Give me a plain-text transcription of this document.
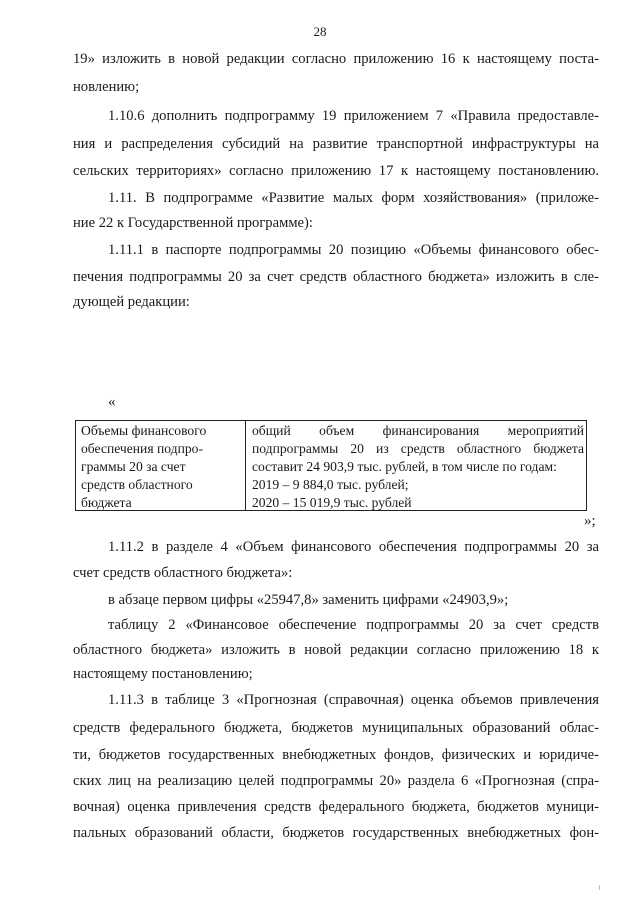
28
19» изложить в новой редакции согласно приложению 16 к настоящему поста-
новлению;
1.10.6 дополнить подпрограмму 19 приложением 7 «Правила предоставле-
ния и распределения субсидий на развитие транспортной инфраструктуры на
сельских территориях» согласно приложению 17 к настоящему постановлению.
1.11. В подпрограмме «Развитие малых форм хозяйствования» (приложе-
ние 22 к Государственной программе):
1.11.1 в паспорте подпрограммы 20 позицию «Объемы финансового обес-
печения подпрограммы 20 за счет средств областного бюджета» изложить в сле-
дующей редакции:
«
Объемы финансового
обеспечения подпро-
граммы 20 за счет
средств областного
бюджета
общий объем финансирования мероприятий
подпрограммы 20 из средств областного бюджета
составит 24 903,9 тыс. рублей, в том числе по годам:
2019 – 9 884,0 тыс. рублей;
2020 – 15 019,9 тыс. рублей
»;
1.11.2 в разделе 4 «Объем финансового обеспечения подпрограммы 20 за
счет средств областного бюджета»:
в абзаце первом цифры «25947,8» заменить цифрами «24903,9»;
таблицу 2 «Финансовое обеспечение подпрограммы 20 за счет средств
областного бюджета» изложить в новой редакции согласно приложению 18 к
настоящему постановлению;
1.11.3 в таблице 3 «Прогнозная (справочная) оценка объемов привлечения
средств федерального бюджета, бюджетов муниципальных образований облас-
ти, бюджетов государственных внебюджетных фондов, физических и юридиче-
ских лиц на реализацию целей подпрограммы 20» раздела 6 «Прогнозная (спра-
вочная) оценка привлечения средств федерального бюджета, бюджетов муници-
пальных образований области, бюджетов государственных внебюджетных фон-
